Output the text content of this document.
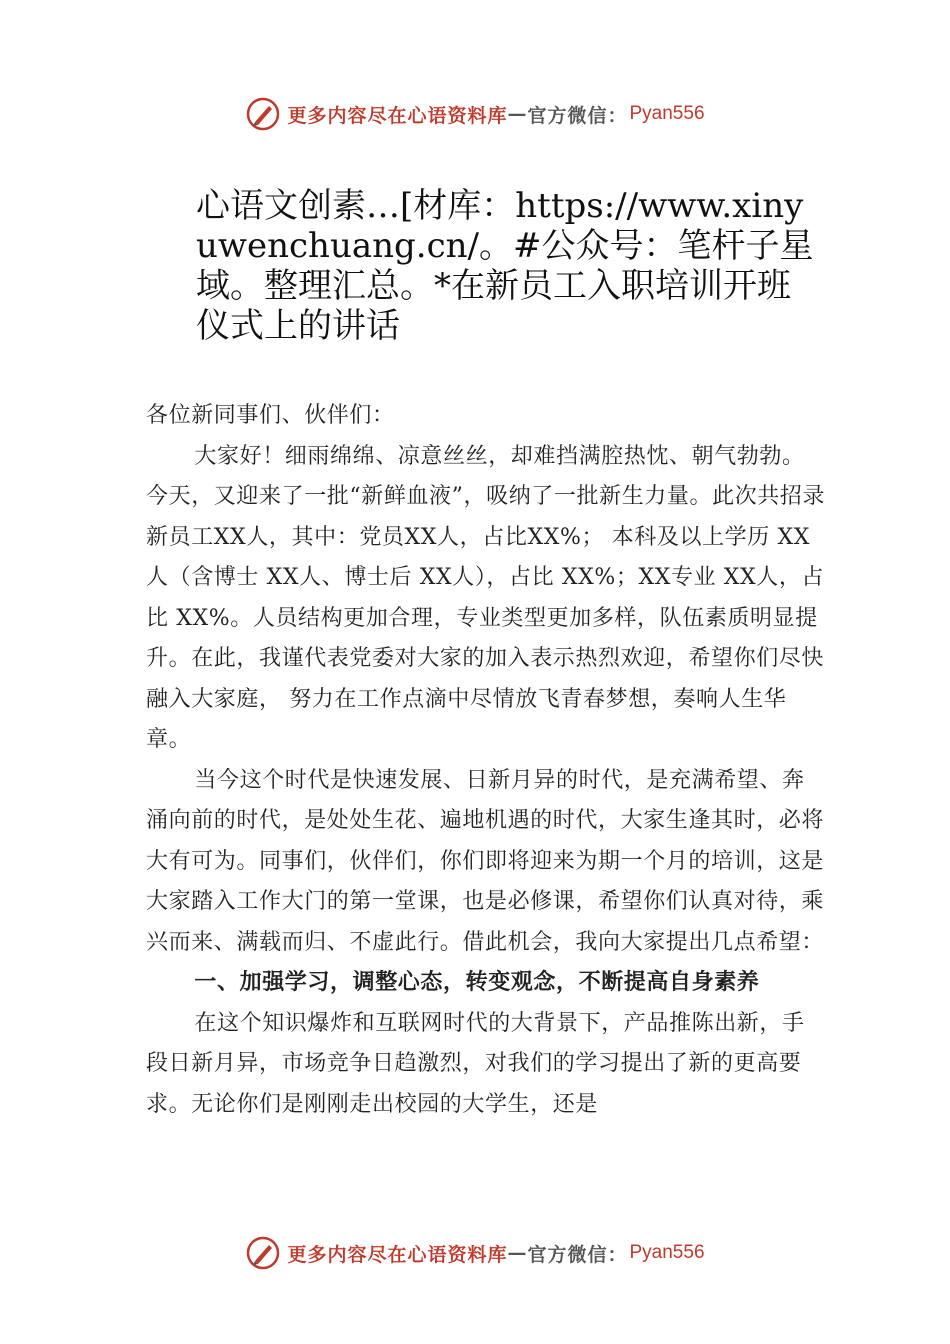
更多内容尽在心语资料库 — 官方微信： Pyan556
心语文创素…[材库：https://www.xinyuwenchuang.cn/。#公众号：笔杆子星域。整理汇总。*在新员工入职培训开班仪式上的讲话

各位新同事们、伙伴们：

大家好！细雨绵绵、凉意丝丝，却难挡满腔热忱、朝气勃勃。今天，又迎来了一批“新鲜血液”，吸纳了一批新生力量。此次共招录新员工XX人，其中：党员XX人，占比XX%； 本科及以上学历 XX人（含博士 XX人、博士后 XX人），占比 XX%；XX专业 XX人，占比 XX%。人员结构更加合理，专业类型更加多样，队伍素质明显提升。在此，我谨代表党委对大家的加入表示热烈欢迎，希望你们尽快融入大家庭， 努力在工作点滴中尽情放飞青春梦想，奏响人生华章。

当今这个时代是快速发展、日新月异的时代，是充满希望、奔涌向前的时代，是处处生花、遍地机遇的时代，大家生逢其时，必将大有可为。同事们，伙伴们，你们即将迎来为期一个月的培训，这是大家踏入工作大门的第一堂课，也是必修课，希望你们认真对待，乘兴而来、满载而归、不虚此行。借此机会，我向大家提出几点希望：

一、加强学习，调整心态，转变观念，不断提高自身素养

在这个知识爆炸和互联网时代的大背景下，产品推陈出新，手段日新月异，市场竞争日趋激烈，对我们的学习提出了新的更高要求。无论你们是刚刚走出校园的大学生，还是

更多内容尽在心语资料库 — 官方微信： Pyan556
